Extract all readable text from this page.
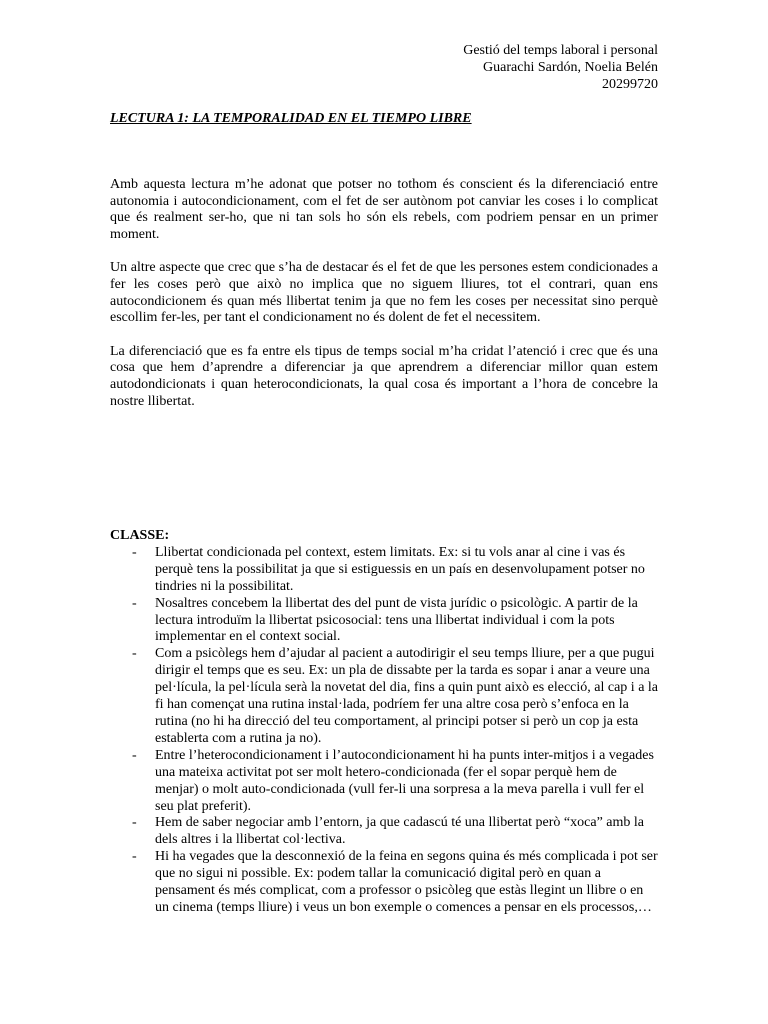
Gestió del temps laboral i personal
Guarachi Sardón, Noelia Belén
20299720
LECTURA 1: LA TEMPORALIDAD EN EL TIEMPO LIBRE

Amb aquesta lectura m’he adonat que potser no tothom és conscient és la diferenciació entre autonomia i autocondicionament, com el fet de ser autònom pot canviar les coses i lo complicat que és realment ser-ho, que ni tan sols ho són els rebels, com podriem pensar en un primer moment.

Un altre aspecte que crec que s’ha de destacar és el fet de que les persones estem condicionades a fer les coses però que això no implica que no siguem lliures, tot el contrari, quan ens autocondicionem és quan més llibertat tenim ja que no fem les coses per necessitat sino perquè escollim fer-les, per tant el condicionament no és dolent de fet el necessitem.

La diferenciació que es fa entre els tipus de temps social m’ha cridat l’atenció i crec que és una cosa que hem d’aprendre a diferenciar ja que aprendrem a diferenciar millor quan estem autodondicionats i quan heterocondicionats, la qual cosa és important a l’hora de concebre la nostre llibertat.

CLASSE:
- Llibertat condicionada pel context, estem limitats. Ex: si tu vols anar al cine i vas és perquè tens la possibilitat ja que si estiguessis en un país en desenvolupament potser no tindries ni la possibilitat.
- Nosaltres concebem la llibertat des del punt de vista jurídic o psicològic. A partir de la lectura introduïm la llibertat psicosocial: tens una llibertat individual i com la pots implementar en el context social.
- Com a psicòlegs hem d’ajudar al pacient a autodirigir el seu temps lliure, per a que pugui dirigir el temps que es seu. Ex: un pla de dissabte per la tarda es sopar i anar a veure una pel·lícula, la pel·lícula serà la novetat del dia, fins a quin punt això es elecció, al cap i a la fi han començat una rutina instal·lada, podríem fer una altre cosa però s’enfoca en la rutina (no hi ha direcció del teu comportament, al principi potser si però un cop ja esta establerta com a rutina ja no).
- Entre l’heterocondicionament i l’autocondicionament hi ha punts inter-mitjos i a vegades una mateixa activitat pot ser molt hetero-condicionada (fer el sopar perquè hem de menjar) o molt auto-condicionada (vull fer-li una sorpresa a la meva parella i vull fer el seu plat preferit).
- Hem de saber negociar amb l’entorn, ja que cadascú té una llibertat però “xoca” amb la dels altres i la llibertat col·lectiva.
- Hi ha vegades que la desconnexió de la feina en segons quina és més complicada i pot ser que no sigui ni possible. Ex: podem tallar la comunicació digital però en quan a pensament és més complicat, com a professor o psicòleg que estàs llegint un llibre o en un cinema (temps lliure) i veus un bon exemple o comences a pensar en els processos,…
